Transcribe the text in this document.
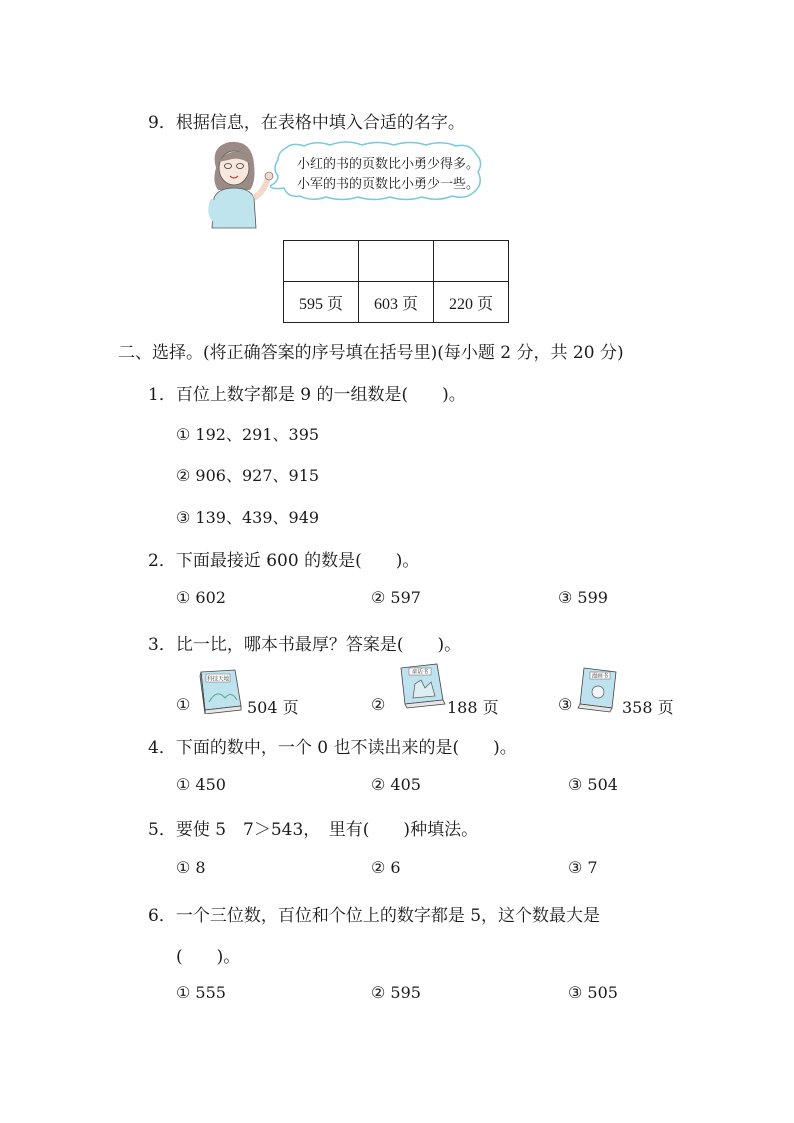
9．根据信息，在表格中填入合适的名字。
小红的书的页数比小勇少得多。
小军的书的页数比小勇少一些。

595 页	603 页	220 页
二、选择。(将正确答案的序号填在括号里)(每小题 2 分，共 20 分)
1．百位上数字都是 9 的一组数是(　　)。
① 192、291、395
② 906、927、915
③ 139、439、949
2．下面最接近 600 的数是(　　)。
① 602	② 597	③ 599
3．比一比，哪本书最厚？答案是(　　)。
①
科技天地
504 页	②
童话书
188 页	③
漫画书
358 页
4．下面的数中，一个 0 也不读出来的是(　　)。
① 450	② 405	③ 504
5．要使 5　7＞543，　里有(　　)种填法。
① 8	② 6	③ 7
6．一个三位数，百位和个位上的数字都是 5，这个数最大是
(　　)。
① 555	② 595	③ 505
